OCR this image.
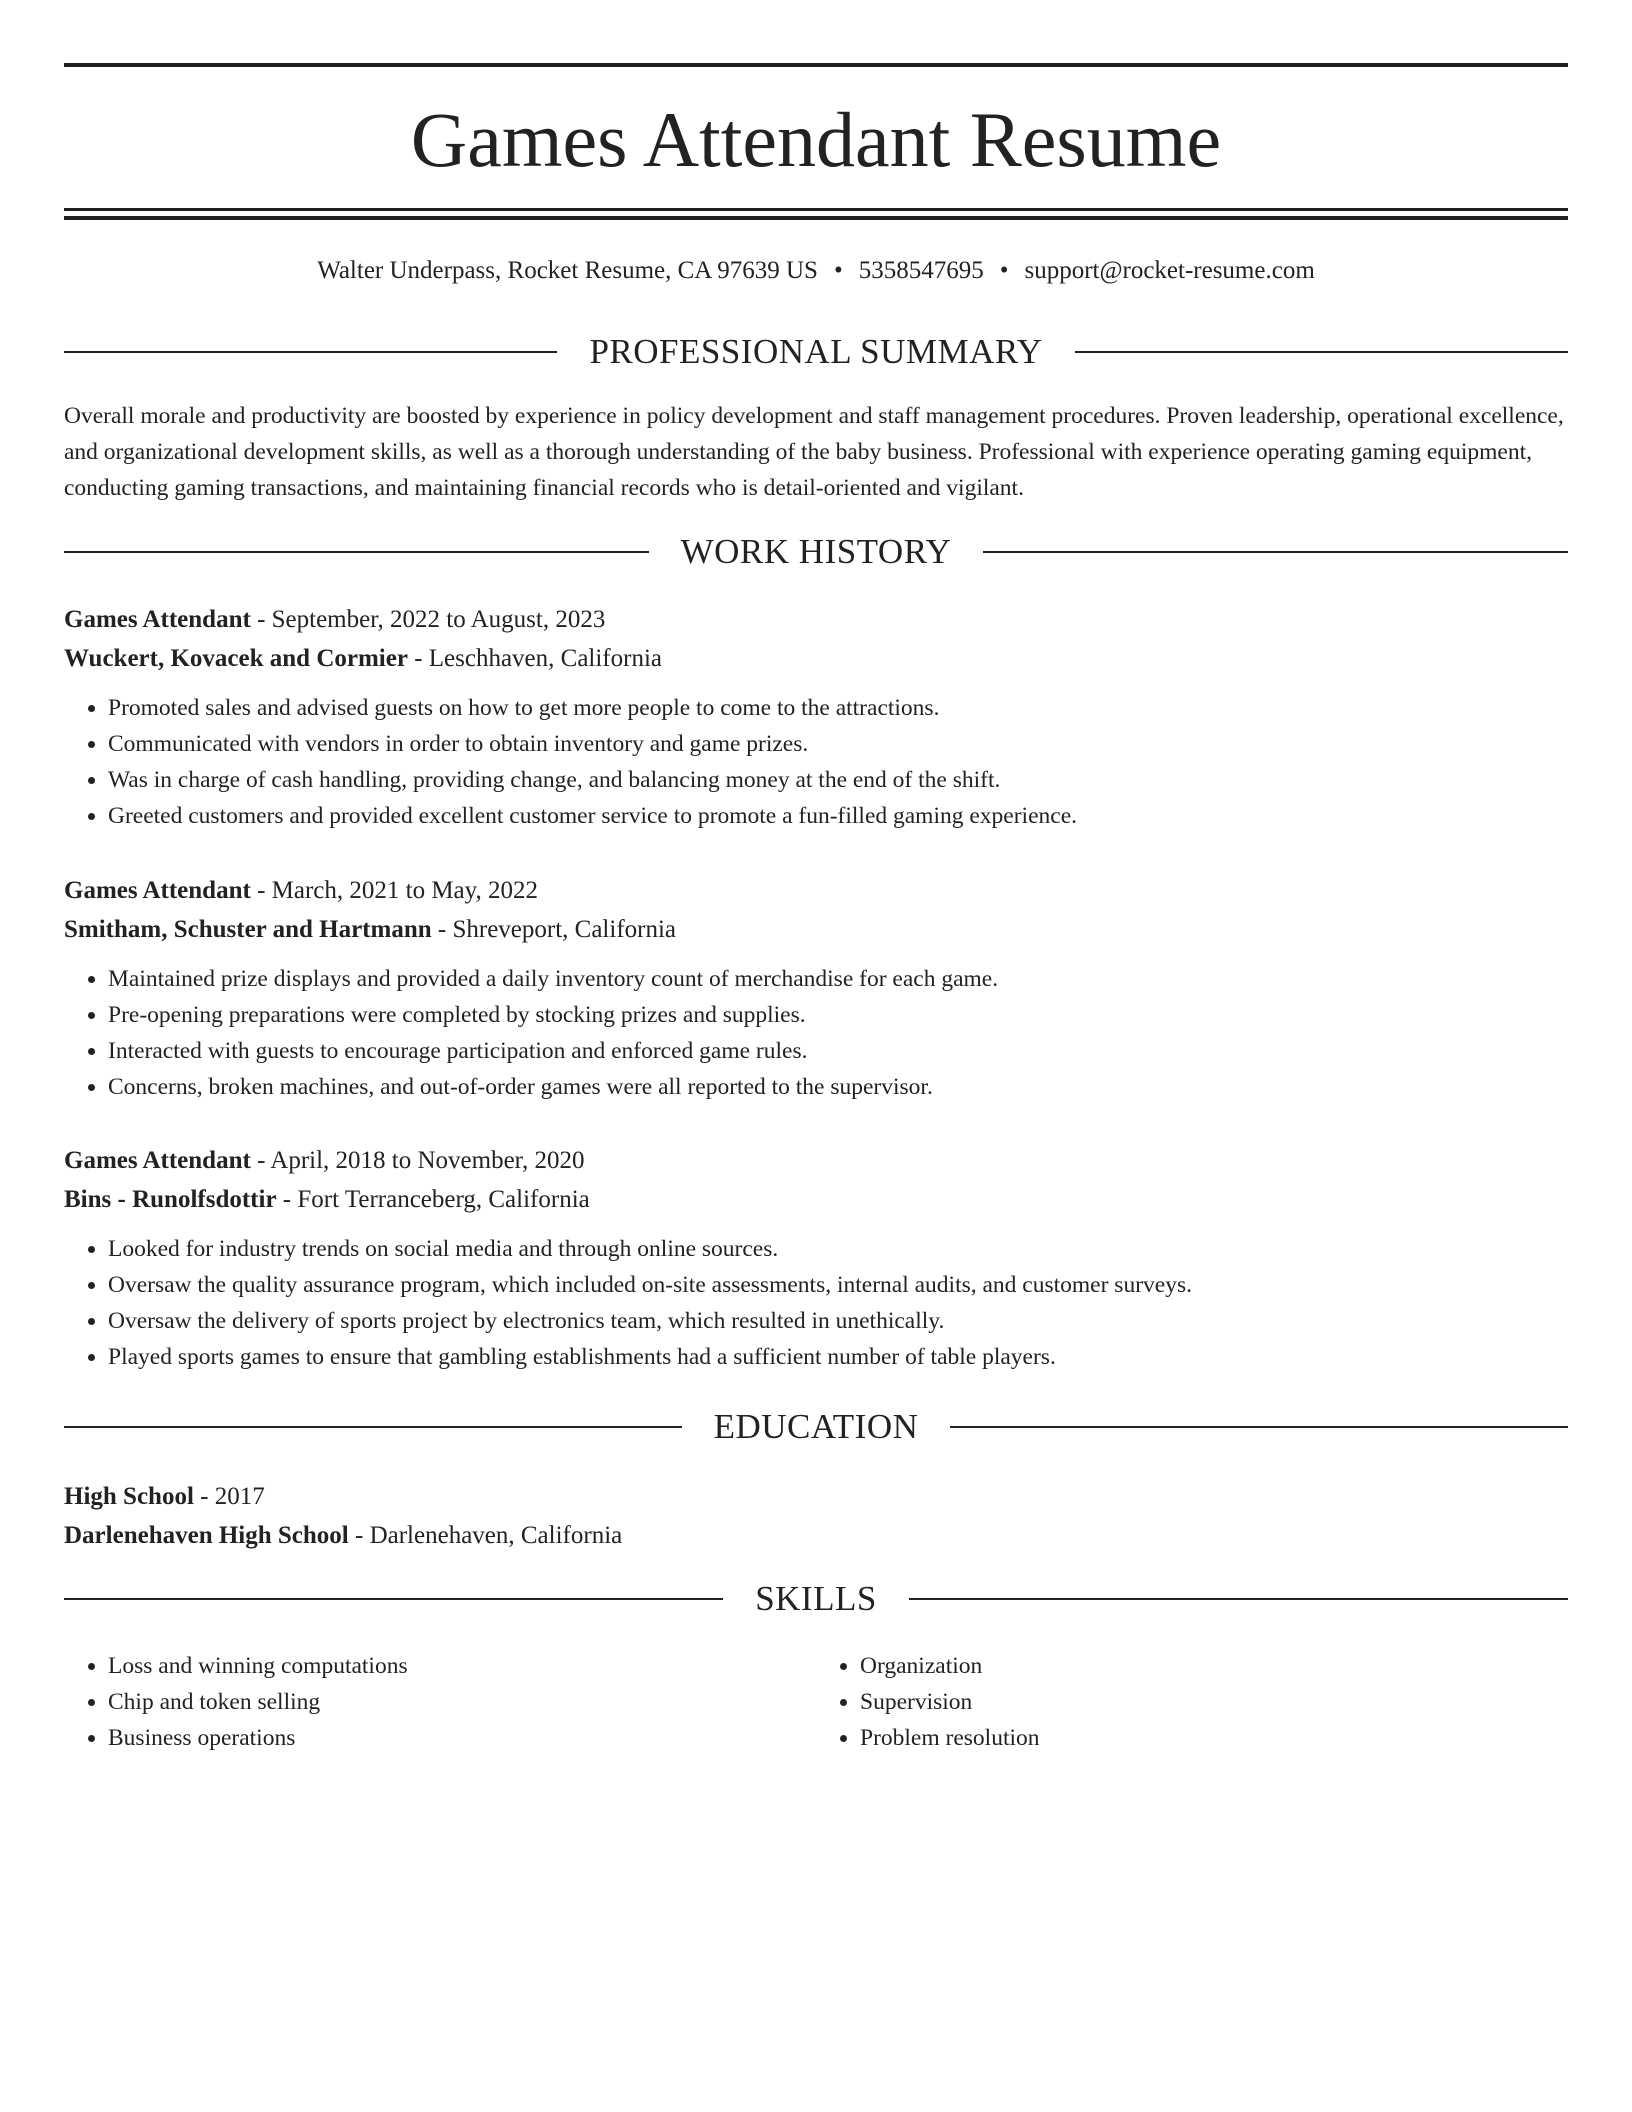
Games Attendant Resume
Walter Underpass, Rocket Resume, CA 97639 US • 5358547695 • support@rocket-resume.com
PROFESSIONAL SUMMARY

Overall morale and productivity are boosted by experience in policy development and staff management procedures. Proven leadership, operational excellence, and organizational development skills, as well as a thorough understanding of the baby business. Professional with experience operating gaming equipment, conducting gaming transactions, and maintaining financial records who is detail-oriented and vigilant.

WORK HISTORY
Games Attendant - September, 2022 to August, 2023
Wuckert, Kovacek and Cormier - Leschhaven, California
• Promoted sales and advised guests on how to get more people to come to the attractions.
• Communicated with vendors in order to obtain inventory and game prizes.
• Was in charge of cash handling, providing change, and balancing money at the end of the shift.
• Greeted customers and provided excellent customer service to promote a fun-filled gaming experience.
Games Attendant - March, 2021 to May, 2022
Smitham, Schuster and Hartmann - Shreveport, California
• Maintained prize displays and provided a daily inventory count of merchandise for each game.
• Pre-opening preparations were completed by stocking prizes and supplies.
• Interacted with guests to encourage participation and enforced game rules.
• Concerns, broken machines, and out-of-order games were all reported to the supervisor.
Games Attendant - April, 2018 to November, 2020
Bins - Runolfsdottir - Fort Terranceberg, California
• Looked for industry trends on social media and through online sources.
• Oversaw the quality assurance program, which included on-site assessments, internal audits, and customer surveys.
• Oversaw the delivery of sports project by electronics team, which resulted in unethically.
• Played sports games to ensure that gambling establishments had a sufficient number of table players.
EDUCATION
High School - 2017
Darlenehaven High School - Darlenehaven, California
SKILLS
• Loss and winning computations
• Chip and token selling
• Business operations
• Organization
• Supervision
• Problem resolution
